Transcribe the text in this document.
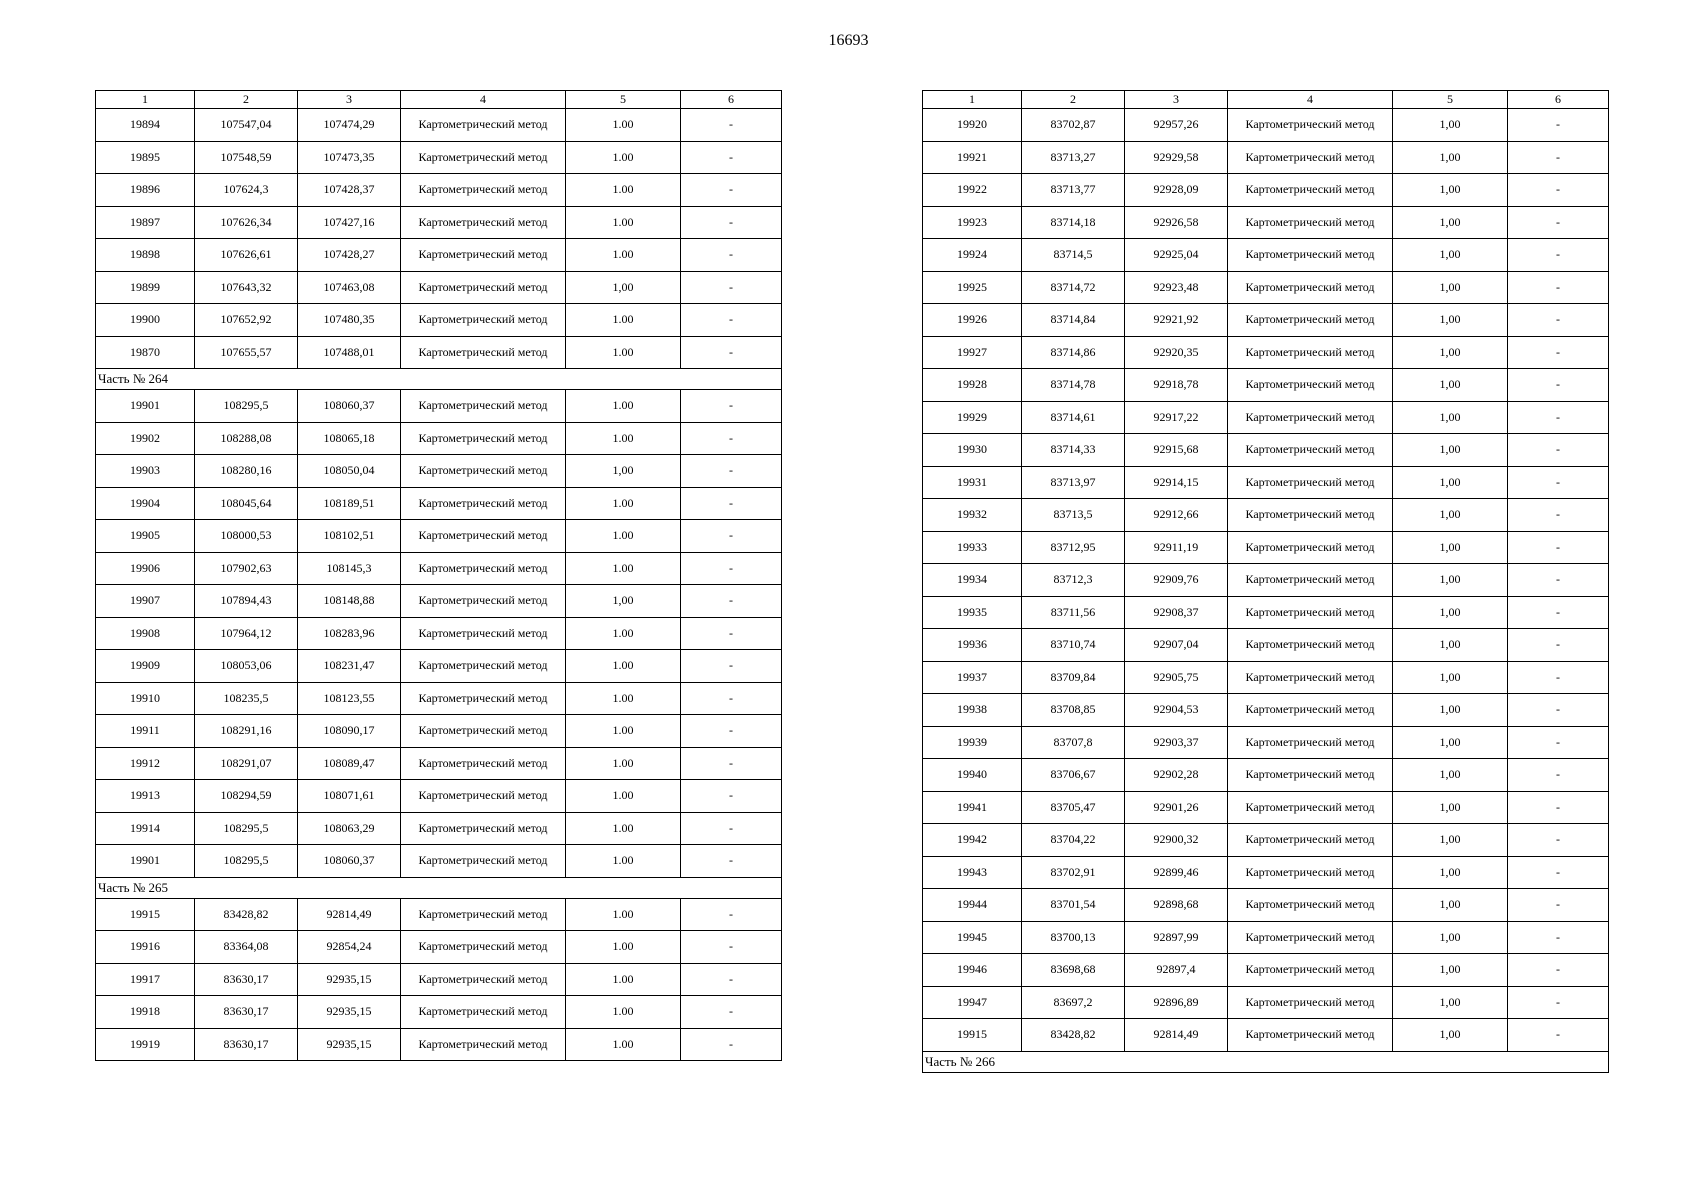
16693
1	2	3	4	5	6
19894	107547,04	107474,29	Картометрический метод	1.00	-
19895	107548,59	107473,35	Картометрический метод	1.00	-
19896	107624,3	107428,37	Картометрический метод	1.00	-
19897	107626,34	107427,16	Картометрический метод	1.00	-
19898	107626,61	107428,27	Картометрический метод	1.00	-
19899	107643,32	107463,08	Картометрический метод	1,00	-
19900	107652,92	107480,35	Картометрический метод	1.00	-
19870	107655,57	107488,01	Картометрический метод	1.00	-
Часть № 264					
19901	108295,5	108060,37	Картометрический метод	1.00	-
19902	108288,08	108065,18	Картометрический метод	1.00	-
19903	108280,16	108050,04	Картометрический метод	1,00	-
19904	108045,64	108189,51	Картометрический метод	1.00	-
19905	108000,53	108102,51	Картометрический метод	1.00	-
19906	107902,63	108145,3	Картометрический метод	1.00	-
19907	107894,43	108148,88	Картометрический метод	1,00	-
19908	107964,12	108283,96	Картометрический метод	1.00	-
19909	108053,06	108231,47	Картометрический метод	1.00	-
19910	108235,5	108123,55	Картометрический метод	1.00	-
19911	108291,16	108090,17	Картометрический метод	1.00	-
19912	108291,07	108089,47	Картометрический метод	1.00	-
19913	108294,59	108071,61	Картометрический метод	1.00	-
19914	108295,5	108063,29	Картометрический метод	1.00	-
19901	108295,5	108060,37	Картометрический метод	1.00	-
Часть № 265					
19915	83428,82	92814,49	Картометрический метод	1.00	-
19916	83364,08	92854,24	Картометрический метод	1.00	-
19917	83630,17	92935,15	Картометрический метод	1.00	-
19918	83630,17	92935,15	Картометрический метод	1.00	-
19919	83630,17	92935,15	Картометрический метод	1.00	-
1	2	3	4	5	6
19920	83702,87	92957,26	Картометрический метод	1,00	-
19921	83713,27	92929,58	Картометрический метод	1,00	-
19922	83713,77	92928,09	Картометрический метод	1,00	-
19923	83714,18	92926,58	Картометрический метод	1,00	-
19924	83714,5	92925,04	Картометрический метод	1,00	-
19925	83714,72	92923,48	Картометрический метод	1,00	-
19926	83714,84	92921,92	Картометрический метод	1,00	-
19927	83714,86	92920,35	Картометрический метод	1,00	-
19928	83714,78	92918,78	Картометрический метод	1,00	-
19929	83714,61	92917,22	Картометрический метод	1,00	-
19930	83714,33	92915,68	Картометрический метод	1,00	-
19931	83713,97	92914,15	Картометрический метод	1,00	-
19932	83713,5	92912,66	Картометрический метод	1,00	-
19933	83712,95	92911,19	Картометрический метод	1,00	-
19934	83712,3	92909,76	Картометрический метод	1,00	-
19935	83711,56	92908,37	Картометрический метод	1,00	-
19936	83710,74	92907,04	Картометрический метод	1,00	-
19937	83709,84	92905,75	Картометрический метод	1,00	-
19938	83708,85	92904,53	Картометрический метод	1,00	-
19939	83707,8	92903,37	Картометрический метод	1,00	-
19940	83706,67	92902,28	Картометрический метод	1,00	-
19941	83705,47	92901,26	Картометрический метод	1,00	-
19942	83704,22	92900,32	Картометрический метод	1,00	-
19943	83702,91	92899,46	Картометрический метод	1,00	-
19944	83701,54	92898,68	Картометрический метод	1,00	-
19945	83700,13	92897,99	Картометрический метод	1,00	-
19946	83698,68	92897,4	Картометрический метод	1,00	-
19947	83697,2	92896,89	Картометрический метод	1,00	-
19915	83428,82	92814,49	Картометрический метод	1,00	-
Часть № 266					
